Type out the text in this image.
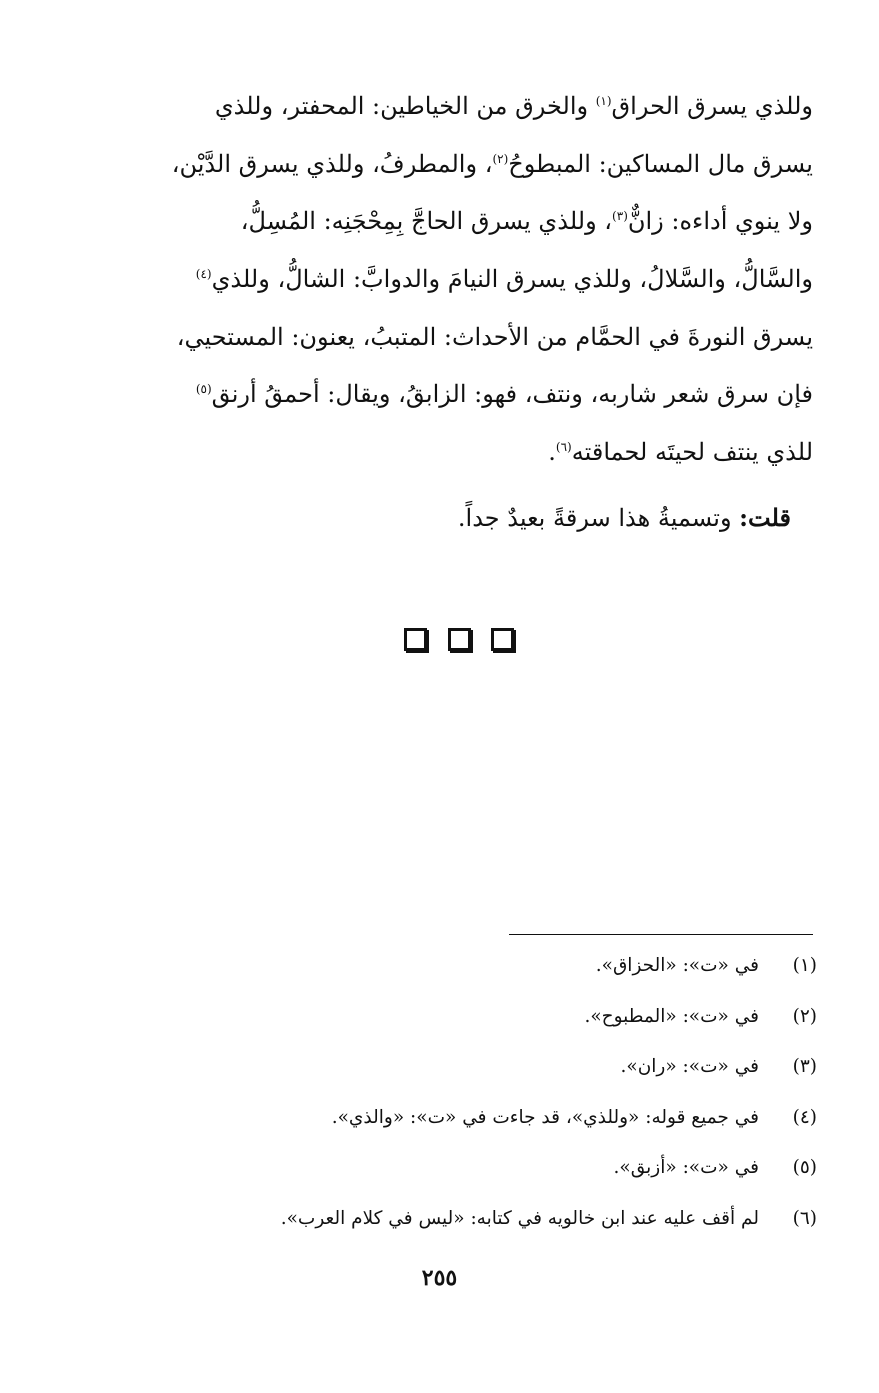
وللذي يسرق الحراق$^{(١)}$ والخرق من الخياطين: المحفتر، وللذي
يسرق مال المساكين: المبطوحُ$^{(٢)}$، والمطرفُ، وللذي يسرق الدَّيْن،
ولا ينوي أداءه: زانٌّ$^{(٣)}$، وللذي يسرق الحاجَّ بِمِحْجَنِه: المُسِلُّ،
والسَّالُّ، والسَّلالُ، وللذي يسرق النيامَ والدوابَّ: الشالُّ، وللذي$^{(٤)}$
يسرق النورةَ في الحمَّام من الأحداث: المتببُ، يعنون: المستحيي،
فإن سرق شعر شاربه، ونتف، فهو: الزابقُ، ويقال: أحمقُ أرنق$^{(٥)}$
للذي ينتف لحيتَه لحماقته$^{(٦)}$.
قلت: وتسميةُ هذا سرقةً بعيدٌ جداً.
(١)
في «ت»: «الحزاق».
(٢)
في «ت»: «المطبوح».
(٣)
في «ت»: «ران».
(٤)
في جميع قوله: «وللذي»، قد جاءت في «ت»: «والذي».
(٥)
في «ت»: «أزبق».
(٦)
لم أقف عليه عند ابن خالويه في كتابه: «ليس في كلام العرب».
٢٥٥
